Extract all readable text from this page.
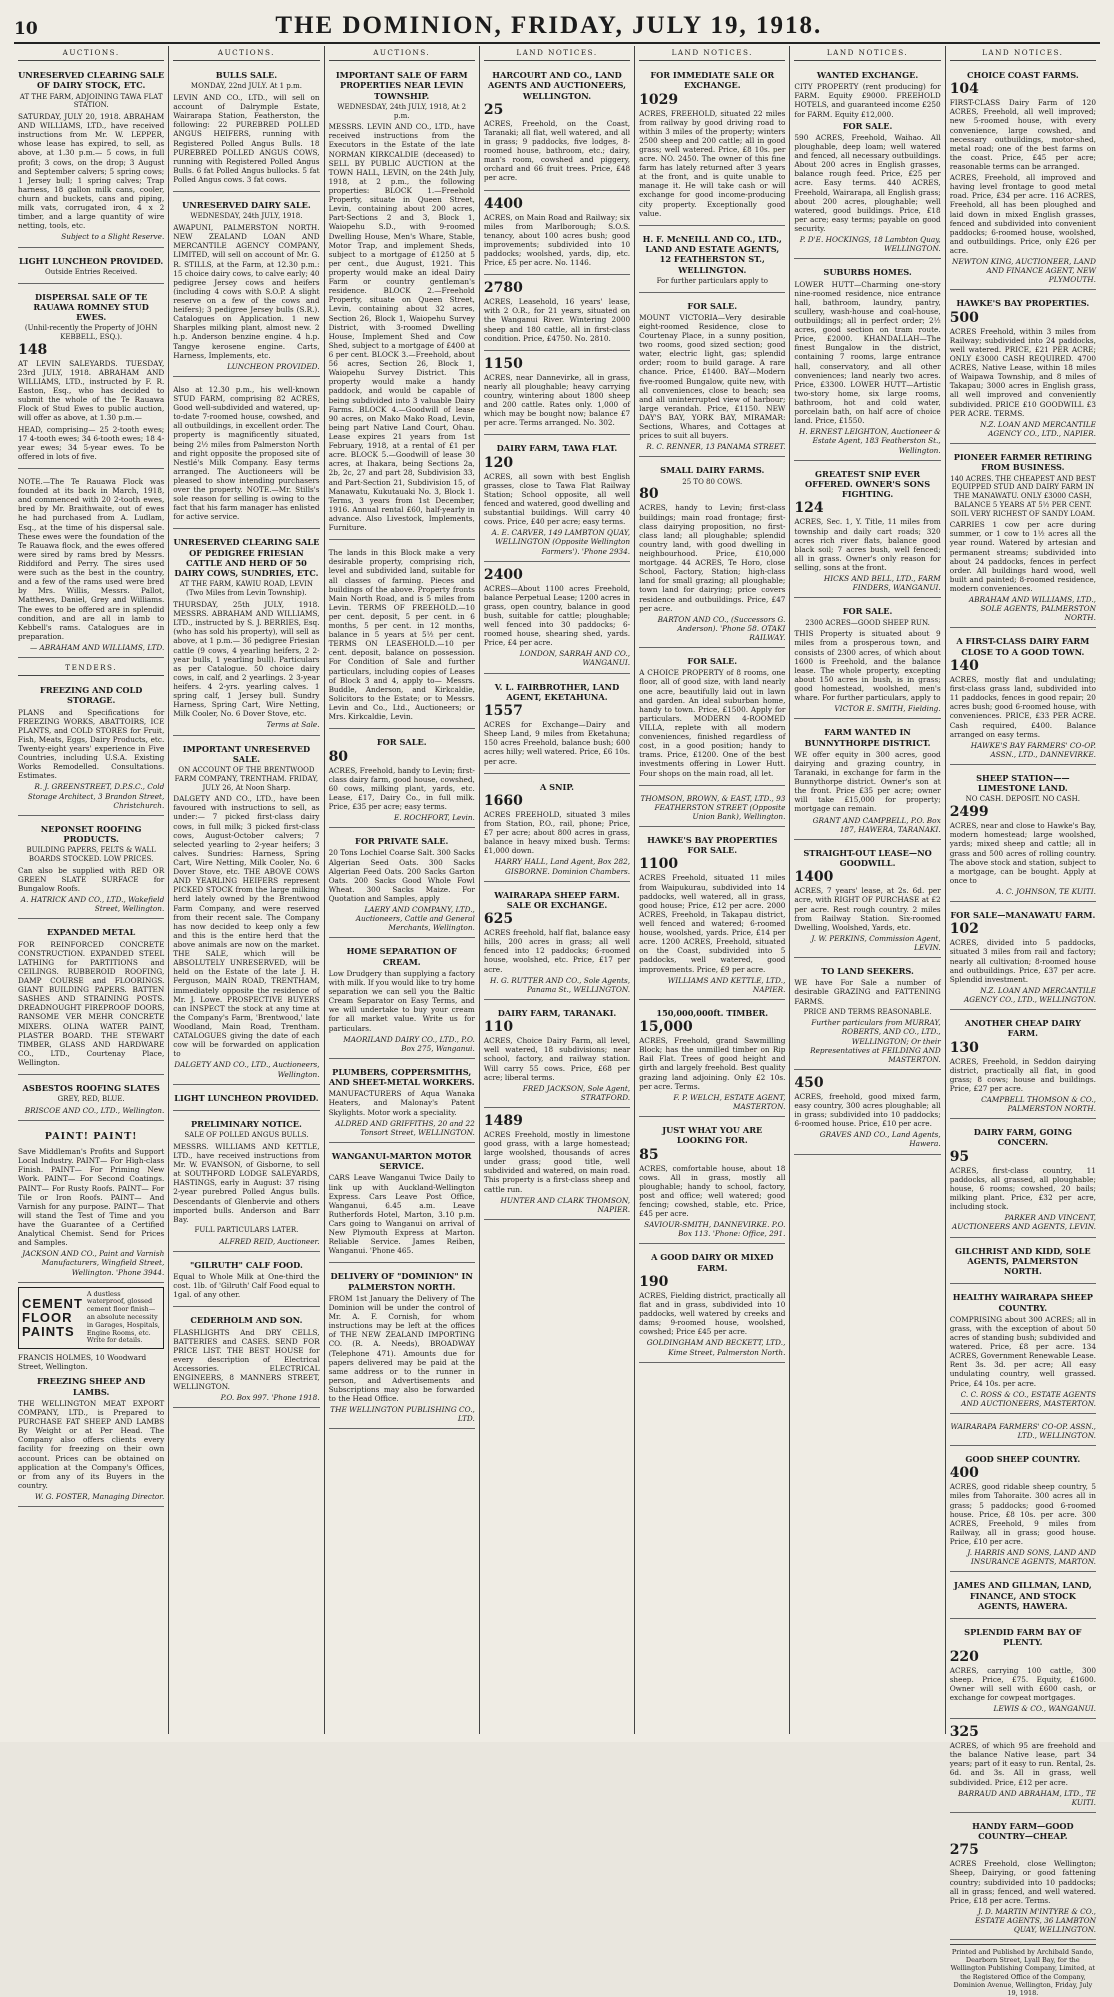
10	THE DOMINION, FRIDAY, JULY 19, 1918.
AUCTIONS.
UNRESERVED CLEARING SALE OF DAIRY STOCK, ETC.
AT THE FARM, ADJOINING TAWA FLAT STATION.
SATURDAY, JULY 20, 1918. ABRAHAM AND WILLIAMS, LTD., have received instructions from Mr. W. LEPPER, whose lease has expired, to sell, as above, at 1.30 p.m.— 5 cows, in full profit; 3 cows, on the drop; 3 August and September calvers; 5 spring cows; 1 Jersey bull; 1 spring calves; Trap harness, 18 gallon milk cans, cooler, churn and buckets, cans and piping, milk vats, corrugated iron, 4 x 2 timber, and a large quantity of wire netting, tools, etc.
Subject to a Slight Reserve.
LIGHT LUNCHEON PROVIDED.
Outside Entries Received.
DISPERSAL SALE OF TE RAUAWA ROMNEY STUD EWES.
(Unhil-recently the Property of JOHN KEBBELL, ESQ.).
148
AT LEVIN SALEYARDS. TUESDAY, 23rd JULY, 1918. ABRAHAM AND WILLIAMS, LTD., instructed by F. R. Easton, Esq., who has decided to submit the whole of the Te Rauawa Flock of Stud Ewes to public auction, will offer as above, at 1.30 p.m.—
HEAD, comprising— 25 2-tooth ewes; 17 4-tooth ewes; 34 6-tooth ewes; 18 4-year ewes; 34 5-year ewes. To be offered in lots of five.
NOTE.—The Te Rauawa Flock was founded at its back in March, 1918, and commenced with 20 2-tooth ewes, bred by Mr. Braithwaite, out of ewes he had purchased from A. Ludlam, Esq., at the time of his dispersal sale. These ewes were the foundation of the Te Rauawa flock, and the ewes offered were sired by rams bred by Messrs. Riddiford and Perry. The sires used were such as the best in the country, and a few of the rams used were bred by Mrs. Willis, Messrs. Pallot, Matthews, Daniel, Grey and Williams. The ewes to be offered are in splendid condition, and are all in lamb to Kebbell's rams. Catalogues are in preparation.
— ABRAHAM AND WILLIAMS, LTD.
TENDERS.
FREEZING AND COLD STORAGE.
PLANS and Specifications for FREEZING WORKS, ABATTOIRS, ICE PLANTS, and COLD STORES for Fruit, Fish, Meats, Eggs, Dairy Products, etc. Twenty-eight years' experience in Five Countries, including U.S.A. Existing Works Remodelled. Consultations. Estimates.
R. J. GREENSTREET, D.P.S.C., Cold Storage Architect, 3 Brandon Street, Christchurch.
NEPONSET ROOFING PRODUCTS.
BUILDING PAPERS, FELTS & WALL BOARDS STOCKED. LOW PRICES.
Can also be supplied with RED OR GREEN SLATE SURFACE for Bungalow Roofs.
A. HATRICK AND CO., LTD., Wakefield Street, Wellington.
EXPANDED METAL
FOR REINFORCED CONCRETE CONSTRUCTION. EXPANDED STEEL LATHING for PARTITIONS and CEILINGS. RUBBEROID ROOFING, DAMP COURSE and FLOORINGS. GIANT BUILDING PAPERS. BATTEN SASHES AND STRAINING POSTS. DREADNOUGHT FIREPROOF DOORS, RANSOME VER MEHR CONCRETE MIXERS. OLINA WATER PAINT, PLASTER BOARD. THE STEWART TIMBER, GLASS AND HARDWARE CO., LTD., Courtenay Place, Wellington.
ASBESTOS ROOFING SLATES
GREY, RED, BLUE.
BRISCOE AND CO., LTD., Wellington.
PAINT! PAINT!
Save Middleman's Profits and Support Local Industry. PAINT— For High-class Finish. PAINT— For Priming New Work. PAINT— For Second Coatings. PAINT— For Rusty Roofs. PAINT— For Tile or Iron Roofs. PAINT— And Varnish for any purpose. PAINT— That will stand the Test of Time and you have the Guarantee of a Certified Analytical Chemist. Send for Prices and Samples.
JACKSON AND CO., Paint and Varnish Manufacturers, Wingfield Street, Wellington. 'Phone 3944.
CEMENT FLOOR PAINTS
A dustless waterproof, glossed cement floor finish—an absolute necessity in Garages, Hospitals, Engine Rooms, etc. Write for details.
FRANCIS HOLMES, 10 Woodward Street, Wellington.
FREEZING SHEEP AND LAMBS.
THE WELLINGTON MEAT EXPORT COMPANY, LTD., is Prepared to PURCHASE FAT SHEEP AND LAMBS By Weight or at Per Head. The Company also offers clients every facility for freezing on their own account. Prices can be obtained on application at the Company's Offices, or from any of its Buyers in the country.
W. G. FOSTER, Managing Director.
AUCTIONS.
BULLS SALE.
MONDAY, 22nd JULY. At 1 p.m.
LEVIN AND CO., LTD., will sell on account of Dalrymple Estate, Wairarapa Station, Featherston, the following: 22 PUREBRED POLLED ANGUS HEIFERS, running with Registered Polled Angus Bulls. 18 PUREBRED POLLED ANGUS COWS, running with Registered Polled Angus Bulls. 6 fat Polled Angus bullocks. 5 fat Polled Angus cows. 3 fat cows.
UNRESERVED DAIRY SALE.
WEDNESDAY, 24th JULY, 1918.
AWAPUNI, PALMERSTON NORTH. NEW ZEALAND LOAN AND MERCANTILE AGENCY COMPANY, LIMITED, will sell on account of Mr. G. R. STILLS, at the Farm, at 12.30 p.m.: 15 choice dairy cows, to calve early; 40 pedigree Jersey cows and heifers (including 4 cows with S.O.P. A slight reserve on a few of the cows and heifers); 3 pedigree Jersey bulls (S.R.). Catalogues on Application. 1 new Sharples milking plant, almost new. 2 h.p. Anderson benzine engine. 4 h.p. Tangye kerosene engine. Carts, Harness, Implements, etc.
LUNCHEON PROVIDED.
Also at 12.30 p.m., his well-known STUD FARM, comprising 82 ACRES, Good well-subdivided and watered, up-to-date 7-roomed house, cowshed, and all outbuildings, in excellent order. The property is magnificently situated, being 2½ miles from Palmerston North and right opposite the proposed site of Nestlé's Milk Company. Easy terms arranged. The Auctioneers will be pleased to show intending purchasers over the property. NOTE.—Mr. Stills's sole reason for selling is owing to the fact that his farm manager has enlisted for active service.
UNRESERVED CLEARING SALE OF PEDIGREE FRIESIAN CATTLE AND HERD OF 50 DAIRY COWS, SUNDRIES, ETC.
AT THE FARM, KAWIU ROAD, LEVIN (Two Miles from Levin Township).
THURSDAY, 25th JULY, 1918. MESSRS. ABRAHAM AND WILLIAMS, LTD., instructed by S. J. BERRIES, Esq. (who has sold his property), will sell as above, at 1 p.m.— 36 pedigree Friesian cattle (9 cows, 4 yearling heifers, 2 2-year bulls, 1 yearling bull). Particulars as per Catalogue. 50 choice dairy cows, in calf, and 2 yearlings. 2 3-year heifers. 4 2-yrs. yearling calves. 1 spring calf, 1 Jersey bull. Sundry Harness, Spring Cart, Wire Netting, Milk Cooler, No. 6 Dover Stove, etc.
Terms at Sale.
IMPORTANT UNRESERVED SALE.
ON ACCOUNT OF THE BRENTWOOD FARM COMPANY, TRENTHAM. FRIDAY, JULY 26, At Noon Sharp.
DALGETY AND CO., LTD., have been favoured with instructions to sell, as under:— 7 picked first-class dairy cows, in full milk; 3 picked first-class cows, August-October calvers; 7 selected yearling to 2-year heifers; 3 calves. Sundries: Harness, Spring Cart, Wire Netting, Milk Cooler, No. 6 Dover Stove, etc. THE ABOVE COWS AND YEARLING HEIFERS represent PICKED STOCK from the large milking herd lately owned by the Brentwood Farm Company, and were reserved from their recent sale. The Company has now decided to keep only a few and this is the entire herd that the above animals are now on the market. THE SALE, which will be ABSOLUTELY UNRESERVED, will be held on the Estate of the late J. H. Ferguson, MAIN ROAD, TRENTHAM, immediately opposite the residence of Mr. J. Lowe. PROSPECTIVE BUYERS can INSPECT the stock at any time at the Company's Farm, 'Brentwood,' late Woodland, Main Road, Trentham. CATALOGUES giving the date of each cow will be forwarded on application to
DALGETY AND CO., LTD., Auctioneers, Wellington.
LIGHT LUNCHEON PROVIDED.
PRELIMINARY NOTICE.
SALE OF POLLED ANGUS BULLS.
MESSRS. WILLIAMS AND KETTLE, LTD., have received instructions from Mr. W. EVANSON, of Gisborne, to sell at SOUTHFORD LODGE SALEYARDS, HASTINGS, early in August: 37 rising 2-year purebred Polled Angus bulls. Descendants of Glenbervie and others imported bulls. Anderson and Barr Bay.
FULL PARTICULARS LATER.
ALFRED REID, Auctioneer.
"GILRUTH" CALF FOOD.
Equal to Whole Milk at One-third the cost. 1lb. of 'Gilruth' Calf Food equal to 1gal. of any other.
CEDERHOLM AND SON.
FLASHLIGHTS And DRY CELLS, BATTERIES and CASES. SEND FOR PRICE LIST. THE BEST HOUSE for every description of Electrical Accessories. ELECTRICAL ENGINEERS, 8 MANNERS STREET, WELLINGTON.
P.O. Box 997. 'Phone 1918.
AUCTIONS.
IMPORTANT SALE OF FARM PROPERTIES NEAR LEVIN TOWNSHIP.
WEDNESDAY, 24th JULY, 1918, At 2 p.m.
MESSRS. LEVIN AND CO., LTD., have received instructions from the Executors in the Estate of the late NORMAN KIRKCALDIE (deceased) to SELL BY PUBLIC AUCTION at the TOWN HALL, LEVIN, on the 24th July, 1918, at 2 p.m., the following properties: BLOCK 1.—Freehold Property, situate in Queen Street, Levin, containing about 200 acres, Part-Sections 2 and 3, Block 1, Waiopehu S.D., with 9-roomed Dwelling House, Men's Whare, Stable, Motor Trap, and implement Sheds, subject to a mortgage of £1250 at 5 per cent., due August, 1921. This property would make an ideal Dairy Farm or country gentleman's residence. BLOCK 2.—Freehold Property, situate on Queen Street, Levin, containing about 32 acres, Section 26, Block 1, Waiopehu Survey District, with 3-roomed Dwelling House, Implement Shed and Cow Shed, subject to a mortgage of £400 at 6 per cent. BLOCK 3.—Freehold, about 56 acres, Section 26, Block 1, Waiopehu Survey District. This property would make a handy paddock, and would be capable of being subdivided into 3 valuable Dairy Farms. BLOCK 4.—Goodwill of lease 90 acres, on Mako Mako Road, Levin, being part Native Land Court, Ohau. Lease expires 21 years from 1st February, 1918, at a rental of £1 per acre. BLOCK 5.—Goodwill of lease 30 acres, at Ihakara, being Sections 2a, 2b, 2c, 27 and part 28, Subdivision 33, and Part-Section 21, Subdivision 15, of Manawatu, Kukutauaki No. 3, Block 1. Terms, 3 years from 1st December, 1916. Annual rental £60, half-yearly in advance. Also Livestock, Implements, Furniture.
The lands in this Block make a very desirable property, comprising rich, level and subdivided land, suitable for all classes of farming. Pieces and buildings of the above. Property fronts Main North Road, and is 5 miles from Levin. TERMS OF FREEHOLD.—10 per cent. deposit, 5 per cent. in 6 months, 5 per cent. in 12 months, balance in 5 years at 5½ per cent. TERMS ON LEASEHOLD.—10 per cent. deposit, balance on possession. For Condition of Sale and further particulars, including copies of Leases of Block 3 and 4, apply to— Messrs. Buddle, Anderson, and Kirkcaldie, Solicitors to the Estate; or to Messrs. Levin and Co., Ltd., Auctioneers; or Mrs. Kirkcaldie, Levin.
FOR SALE.
80
ACRES, Freehold, handy to Levin; first-class dairy farm, good house, cowshed, 60 cows, milking plant, yards, etc. Lease, £17, Dairy Co., in full milk. Price, £35 per acre; easy terms.
E. ROCHFORT, Levin.
FOR PRIVATE SALE.
20 Tons Lochiel Coarse Salt. 300 Sacks Algerian Seed Oats. 300 Sacks Algerian Feed Oats. 200 Sacks Garton Oats. 200 Sacks Good Whole Fowl Wheat. 300 Sacks Maize. For Quotation and Samples, apply
LAERY AND COMPANY, LTD., Auctioneers, Cattle and General Merchants, Wellington.
HOME SEPARATION OF CREAM.
Low Drudgery than supplying a factory with milk. If you would like to try home separation we can sell you the Baltic Cream Separator on Easy Terms, and we will undertake to buy your cream for all market value. Write us for particulars.
MAORILAND DAIRY CO., LTD., P.O. Box 275, Wanganui.
PLUMBERS, COPPERSMITHS, AND SHEET-METAL WORKERS.
MANUFACTURERS of Aqua Wanaka Heaters, and Malonay's Patent Skylights. Motor work a speciality.
ALDRED AND GRIFFITHS, 20 and 22 Tonsort Street, WELLINGTON.
WANGANUI-MARTON MOTOR SERVICE.
CARS Leave Wanganui Twice Daily to link up with Auckland-Wellington Express. Cars Leave Post Office, Wanganui, 6.45 a.m. Leave Rutherfords Hotel, Marton, 3.10 p.m. Cars going to Wanganui on arrival of New Plymouth Express at Marton. Reliable Service. James Reiben, Wanganui. 'Phone 465.
DELIVERY OF "DOMINION" IN PALMERSTON NORTH.
FROM 1st January the Delivery of The Dominion will be under the control of Mr. A. F. Cornish, for whom instructions may be left at the offices of THE NEW ZEALAND IMPORTING CO. (R. A. Needs), BROADWAY (Telephone 471). Amounts due for papers delivered may be paid at the same address or to the runner in person, and Advertisements and Subscriptions may also be forwarded to the Head Office.
THE WELLINGTON PUBLISHING CO., LTD.
LAND NOTICES.
HARCOURT AND CO., LAND AGENTS AND AUCTIONEERS, WELLINGTON.
25
ACRES, Freehold, on the Coast, Taranaki; all flat, well watered, and all in grass; 9 paddocks, five lodges, 8-roomed house, bathroom, etc.; dairy, man's room, cowshed and piggery, orchard and 66 fruit trees. Price, £48 per acre.
4400
ACRES, on Main Road and Railway; six miles from Marlborough; S.O.S. tenancy, about 100 acres bush; good improvements; subdivided into 10 paddocks; woolshed, yards, dip, etc. Price, £5 per acre. No. 1146.
2780
ACRES, Leasehold, 16 years' lease, with 2 O.R., for 21 years, situated on the Wanganui River. Wintering 2000 sheep and 180 cattle, all in first-class condition. Price, £4750. No. 2810.
1150
ACRES, near Dannevirke, all in grass, nearly all ploughable; heavy carrying country, wintering about 1800 sheep and 200 cattle. Rates only. 1,000 of which may be bought now; balance £7 per acre. Terms arranged. No. 302.
DAIRY FARM, TAWA FLAT.
120
ACRES, all sown with best English grasses, close to Tawa Flat Railway Station; School opposite, all well fenced and watered, good dwelling and substantial buildings. Will carry 40 cows. Price, £40 per acre; easy terms.
A. E. CARVER, 149 LAMBTON QUAY, WELLINGTON (Opposite Wellington Farmers'). 'Phone 2934.
2400
ACRES—About 1100 acres Freehold, balance Perpetual Lease; 1200 acres in grass, open country, balance in good bush, suitable for cattle; ploughable; well fenced into 30 paddocks; 6-roomed house, shearing shed, yards. Price, £4 per acre.
LONDON, SARRAH AND CO., WANGANUI.
V. L. FAIRBROTHER, LAND AGENT, EKETAHUNA.
1557
ACRES for Exchange—Dairy and Sheep Land, 9 miles from Eketahuna; 150 acres Freehold, balance bush; 600 acres hilly; well watered. Price, £6 10s. per acre.
A SNIP.
1660
ACRES FREEHOLD, situated 3 miles from Station, P.O., rail, phone; Price, £7 per acre; about 800 acres in grass, balance in heavy mixed bush. Terms: £1,000 down.
HARRY HALL, Land Agent, Box 282, GISBORNE. Dominion Chambers.
WAIRARAPA SHEEP FARM. SALE OR EXCHANGE.
625
ACRES freehold, half flat, balance easy hills, 200 acres in grass; all well fenced into 12 paddocks; 6-roomed house, woolshed, etc. Price, £17 per acre.
H. G. RUTTER AND CO., Sole Agents, Panama St., WELLINGTON.
DAIRY FARM, TARANAKI.
110
ACRES, Choice Dairy Farm, all level, well watered, 18 subdivisions; near school, factory, and railway station. Will carry 55 cows. Price, £68 per acre; liberal terms.
FRED JACKSON, Sole Agent, STRATFORD.
1489
ACRES Freehold, mostly in limestone good grass, with a large homestead; large woolshed, thousands of acres under grass; good title, well subdivided and watered, on main road. This property is a first-class sheep and cattle run.
HUNTER AND CLARK THOMSON, NAPIER.
LAND NOTICES.
FOR IMMEDIATE SALE OR EXCHANGE.
1029
ACRES, FREEHOLD, situated 22 miles from railway by good driving road to within 3 miles of the property; winters 2500 sheep and 200 cattle; all in good grass; well watered. Price, £8 10s. per acre. NO. 2450. The owner of this fine farm has lately returned after 3 years at the front, and is quite unable to manage it. He will take cash or will exchange for good income-producing city property. Exceptionally good value.
H. F. McNEILL AND CO., LTD., LAND AND ESTATE AGENTS, 12 FEATHERSTON ST., WELLINGTON.
For further particulars apply to
FOR SALE.
MOUNT VICTORIA—Very desirable eight-roomed Residence, close to Courtenay Place, in a sunny position, two rooms, good sized section; good water, electric light, gas; splendid order; room to build garage. A rare chance. Price, £1400. BAY—Modern five-roomed Bungalow, quite new, with all conveniences, close to beach; sea and all uninterrupted view of harbour; large verandah. Price, £1150. NEW DAY'S BAY, YORK BAY, MIRAMAR: Sections, Whares, and Cottages at prices to suit all buyers.
R. C. RENNER, 13 PANAMA STREET.
SMALL DAIRY FARMS.
25 TO 80 COWS.
80
ACRES, handy to Levin; first-class buildings; main road frontage; first-class dairying proposition, no first-class land; all ploughable; splendid country land, with good dwelling in neighbourhood. Price, £10,000 mortgage. 44 ACRES, Te Horo, close School, Factory, Station; high-class land for small grazing; all ploughable; town land for dairying; price covers residence and outbuildings. Price, £47 per acre.
BARTON AND CO., (Successors G. Anderson). 'Phone 58. OTAKI RAILWAY.
FOR SALE.
A CHOICE PROPERTY of 8 rooms, one floor, all of good size, with land nearly one acre, beautifully laid out in lawn and garden. An ideal suburban home, handy to town. Price, £1500. Apply for particulars. MODERN 4-ROOMED VILLA, replete with all modern conveniences, finished regardless of cost, in a good position; handy to trams. Price, £1200. One of the best investments offering in Lower Hutt. Four shops on the main road, all let.
THOMSON, BROWN, & EAST, LTD., 93 FEATHERSTON STREET (Opposite Union Bank), Wellington.
HAWKE'S BAY PROPERTIES FOR SALE.
1100
ACRES Freehold, situated 11 miles from Waipukurau, subdivided into 14 paddocks, well watered, all in grass, good house; Price, £12 per acre. 2000 ACRES, Freehold, in Takapau district, well fenced and watered; 6-roomed house, woolshed, yards. Price, £14 per acre. 1200 ACRES, Freehold, situated on the Coast, subdivided into 5 paddocks, well watered, good improvements. Price, £9 per acre.
WILLIAMS AND KETTLE, LTD., NAPIER.
150,000,000ft. TIMBER.
15,000
ACRES, Freehold, grand Sawmilling Block; has the unmilled timber on Rip Rail Flat. Trees of good height and girth and largely freehold. Best quality grazing land adjoining. Only £2 10s. per acre. Terms.
F. P. WELCH, ESTATE AGENT, MASTERTON.
JUST WHAT YOU ARE LOOKING FOR.
85
ACRES, comfortable house, about 18 cows. All in grass, mostly all ploughable; handy to school, factory, post and office; well watered; good fencing; cowshed, stable, etc. Price, £45 per acre.
SAVIOUR-SMITH, DANNEVIRKE. P.O. Box 113. 'Phone: Office, 291.
A GOOD DAIRY OR MIXED FARM.
190
ACRES, Fielding district, practically all flat and in grass, subdivided into 10 paddocks, well watered by creeks and dams; 9-roomed house, woolshed, cowshed; Price £45 per acre.
GOLDINGHAM AND BECKETT, LTD., Kime Street, Palmerston North.
LAND NOTICES.
WANTED EXCHANGE.
CITY PROPERTY (rent producing) for FARM. Equity £9000. FREEHOLD HOTELS, and guaranteed income £250 for FARM. Equity £12,000.
FOR SALE.
590 ACRES, Freehold, Waihao. All ploughable, deep loam; well watered and fenced, all necessary outbuildings. About 200 acres in English grasses, balance rough feed. Price, £25 per acre. Easy terms. 440 ACRES, Freehold, Wairarapa, all English grass; about 200 acres, ploughable; well watered, good buildings. Price, £18 per acre; easy terms; payable on good security.
P. D'E. HOCKINGS, 18 Lambton Quay, WELLINGTON.
SUBURBS HOMES.
LOWER HUTT—Charming one-story nine-roomed residence, nice entrance hall, bathroom, laundry, pantry, scullery, wash-house and coal-house, outbuildings; all in perfect order; 2½ acres, good section on tram route. Price, £2000. KHANDALLAH—The finest Bungalow in the district, containing 7 rooms, large entrance hall, conservatory, and all other conveniences; land nearly two acres. Price, £3300. LOWER HUTT—Artistic two-story home, six large rooms, bathroom, hot and cold water, porcelain bath, on half acre of choice land. Price, £1550.
H. ERNEST LEIGHTON, Auctioneer & Estate Agent, 183 Featherston St., Wellington.
GREATEST SNIP EVER OFFERED. OWNER'S SONS FIGHTING.
124
ACRES, Sec. 1, Y. Title, 11 miles from township and daily cart roads; 320 acres rich river flats, balance good black soil; 7 acres bush, well fenced; all in grass. Owner's only reason for selling, sons at the front.
HICKS AND BELL, LTD., FARM FINDERS, WANGANUI.
FOR SALE.
2300 ACRES—GOOD SHEEP RUN.
THIS Property is situated about 9 miles from a prosperous town, and consists of 2300 acres, of which about 1600 is Freehold, and the balance lease. The whole property, excepting about 150 acres in bush, is in grass; good homestead, woolshed, men's whare. For further particulars, apply to
VICTOR E. SMITH, Fielding.
FARM WANTED IN BUNNYTHORPE DISTRICT.
WE offer equity in 300 acres, good dairying and grazing country, in Taranaki, in exchange for farm in the Bunnythorpe district. Owner's son at the front. Price £35 per acre; owner will take £15,000 for property; mortgage can remain.
GRANT AND CAMPBELL, P.O. Box 187, HAWERA, TARANAKI.
STRAIGHT-OUT LEASE—NO GOODWILL.
1400
ACRES, 7 years' lease, at 2s. 6d. per acre, with RIGHT OF PURCHASE at £2 per acre. Rest rough country. 2 miles from Railway Station. Six-roomed Dwelling, Woolshed, Yards, etc.
J. W. PERKINS, Commission Agent, LEVIN.
TO LAND SEEKERS.
WE have For Sale a number of desirable GRAZING and FATTENING FARMS.
PRICE AND TERMS REASONABLE.
Further particulars from MURRAY, ROBERTS, AND CO., LTD., WELLINGTON; Or their Representatives at FEILDING AND MASTERTON.
450
ACRES, freehold, good mixed farm, easy country, 300 acres ploughable; all in grass; subdivided into 10 paddocks; 6-roomed house. Price, £10 per acre.
GRAVES AND CO., Land Agents, Hawera.
LAND NOTICES.
CHOICE COAST FARMS.
104
FIRST-CLASS Dairy Farm of 120 ACRES, Freehold, all well improved; new 5-roomed house, with every convenience, large cowshed, and necessary outbuildings, motor-shed, metal road; one of the best farms on the coast. Price, £45 per acre; reasonable terms can be arranged.
ACRES, Freehold, all improved and having level frontage to good metal road. Price, £34 per acre. 116 ACRES, Freehold, all has been ploughed and laid down in mixed English grasses, fenced and subdivided into convenient paddocks; 6-roomed house, woolshed, and outbuildings. Price, only £26 per acre.
NEWTON KING, AUCTIONEER, LAND AND FINANCE AGENT, NEW PLYMOUTH.
HAWKE'S BAY PROPERTIES.
500
ACRES Freehold, within 3 miles from Railway; subdivided into 24 paddocks, well watered. PRICE, £21 PER ACRE; ONLY £3000 CASH REQUIRED. 4700 ACRES, Native Lease, within 18 miles of Waipawa Township, and 8 miles of Takapau; 3000 acres in English grass, all well improved and conveniently subdivided. PRICE £10 GOODWILL £3 PER ACRE. TERMS.
N.Z. LOAN AND MERCANTILE AGENCY CO., LTD., NAPIER.
PIONEER FARMER RETIRING FROM BUSINESS.
140 ACRES. THE CHEAPEST AND BEST EQUIPPED STUD AND DAIRY FARM IN THE MANAWATU. ONLY £3000 CASH, BALANCE 5 YEARS AT 5½ PER CENT. SOIL VERY RICHEST OF SANDY LOAM.
CARRIES 1 cow per acre during summer, or 1 cow to 1½ acres all the year round. Watered by artesian and permanent streams; subdivided into about 24 paddocks, fences in perfect order. All buildings hard wood, well built and painted; 8-roomed residence, modern conveniences.
ABRAHAM AND WILLIAMS, LTD., SOLE AGENTS, PALMERSTON NORTH.
A FIRST-CLASS DAIRY FARM CLOSE TO A GOOD TOWN.
140
ACRES, mostly flat and undulating; first-class grass land, subdivided into 11 paddocks, fences in good repair; 20 acres bush; good 6-roomed house, with conveniences. PRICE, £33 PER ACRE. Cash required, £400. Balance arranged on easy terms.
HAWKE'S BAY FARMERS' CO-OP. ASSN., LTD., DANNEVIRKE.
SHEEP STATION——LIMESTONE LAND.
NO CASH. DEPOSIT. NO CASH.
2499
ACRES, near and close to Hawke's Bay, modern homestead; large woolshed, yards; mixed sheep and cattle; all in grass and 500 acres of rolling country. The above stock and station, subject to a mortgage, can be bought. Apply at once to
A. C. JOHNSON, TE KUITI.
FOR SALE—MANAWATU FARM.
102
ACRES, divided into 5 paddocks, situated 3 miles from rail and factory; nearly all cultivation; 8-roomed house and outbuildings. Price, £37 per acre. Splendid investment.
N.Z. LOAN AND MERCANTILE AGENCY CO., LTD., WELLINGTON.
ANOTHER CHEAP DAIRY FARM.
130
ACRES, Freehold, in Seddon dairying district, practically all flat, in good grass; 8 cows; house and buildings. Price, £27 per acre.
CAMPBELL THOMSON & CO., PALMERSTON NORTH.
DAIRY FARM, GOING CONCERN.
95
ACRES, first-class country, 11 paddocks, all grassed, all ploughable; house, 6 rooms; cowshed, 20 bails; milking plant. Price, £32 per acre, including stock.
PARKER AND VINCENT, AUCTIONEERS AND AGENTS, LEVIN.
GILCHRIST AND KIDD, SOLE AGENTS, PALMERSTON NORTH.
HEALTHY WAIRARAPA SHEEP COUNTRY.
COMPRISING about 300 ACRES; all in grass, with the exception of about 50 acres of standing bush; subdivided and watered. Price, £8 per acre. 134 ACRES, Government Renewable Lease. Rent 3s. 3d. per acre; All easy undulating country, well grassed. Price, £4 10s. per acre.
C. C. ROSS & CO., ESTATE AGENTS AND AUCTIONEERS, MASTERTON.
WAIRARAPA FARMERS' CO-OP. ASSN., LTD., WELLINGTON.
GOOD SHEEP COUNTRY.
400
ACRES, good ridable sheep country, 5 miles from Tahoraite. 300 acres all in grass; 5 paddocks; good 6-roomed house. Price, £8 10s. per acre. 300 ACRES, Freehold, 9 miles from Railway, all in grass; good house. Price, £10 per acre.
J. HARRIS AND SONS, LAND AND INSURANCE AGENTS, MARTON.
JAMES AND GILLMAN, LAND, FINANCE, AND STOCK AGENTS, HAWERA.
SPLENDID FARM BAY OF PLENTY.
220
ACRES, carrying 100 cattle, 300 sheep. Price, £75. Equity, £1600. Owner will sell with £600 cash, or exchange for cowpeat mortgages.
LEWIS & CO., WANGANUI.
325
ACRES, of which 95 are freehold and the balance Native lease, part 34 years; part of it easy to run. Rental, 2s. 6d. and 3s. All in grass, well subdivided. Price, £12 per acre.
BARRAUD AND ABRAHAM, LTD., TE KUITI.
HANDY FARM—GOOD COUNTRY—CHEAP.
275
ACRES Freehold, close Wellington; Sheep, Dairying, or good fattening country; subdivided into 10 paddocks; all in grass; fenced, and well watered. Price, £18 per acre. Terms.
J. D. MARTIN M'INTYRE & CO., ESTATE AGENTS, 36 LAMBTON QUAY, WELLINGTON.
Printed and Published by Archibald Sando, Dearborn Street, Lyall Bay, for the Wellington Publishing Company, Limited, at the Registered Office of the Company, Dominion Avenue, Wellington, Friday, July 19, 1918.
